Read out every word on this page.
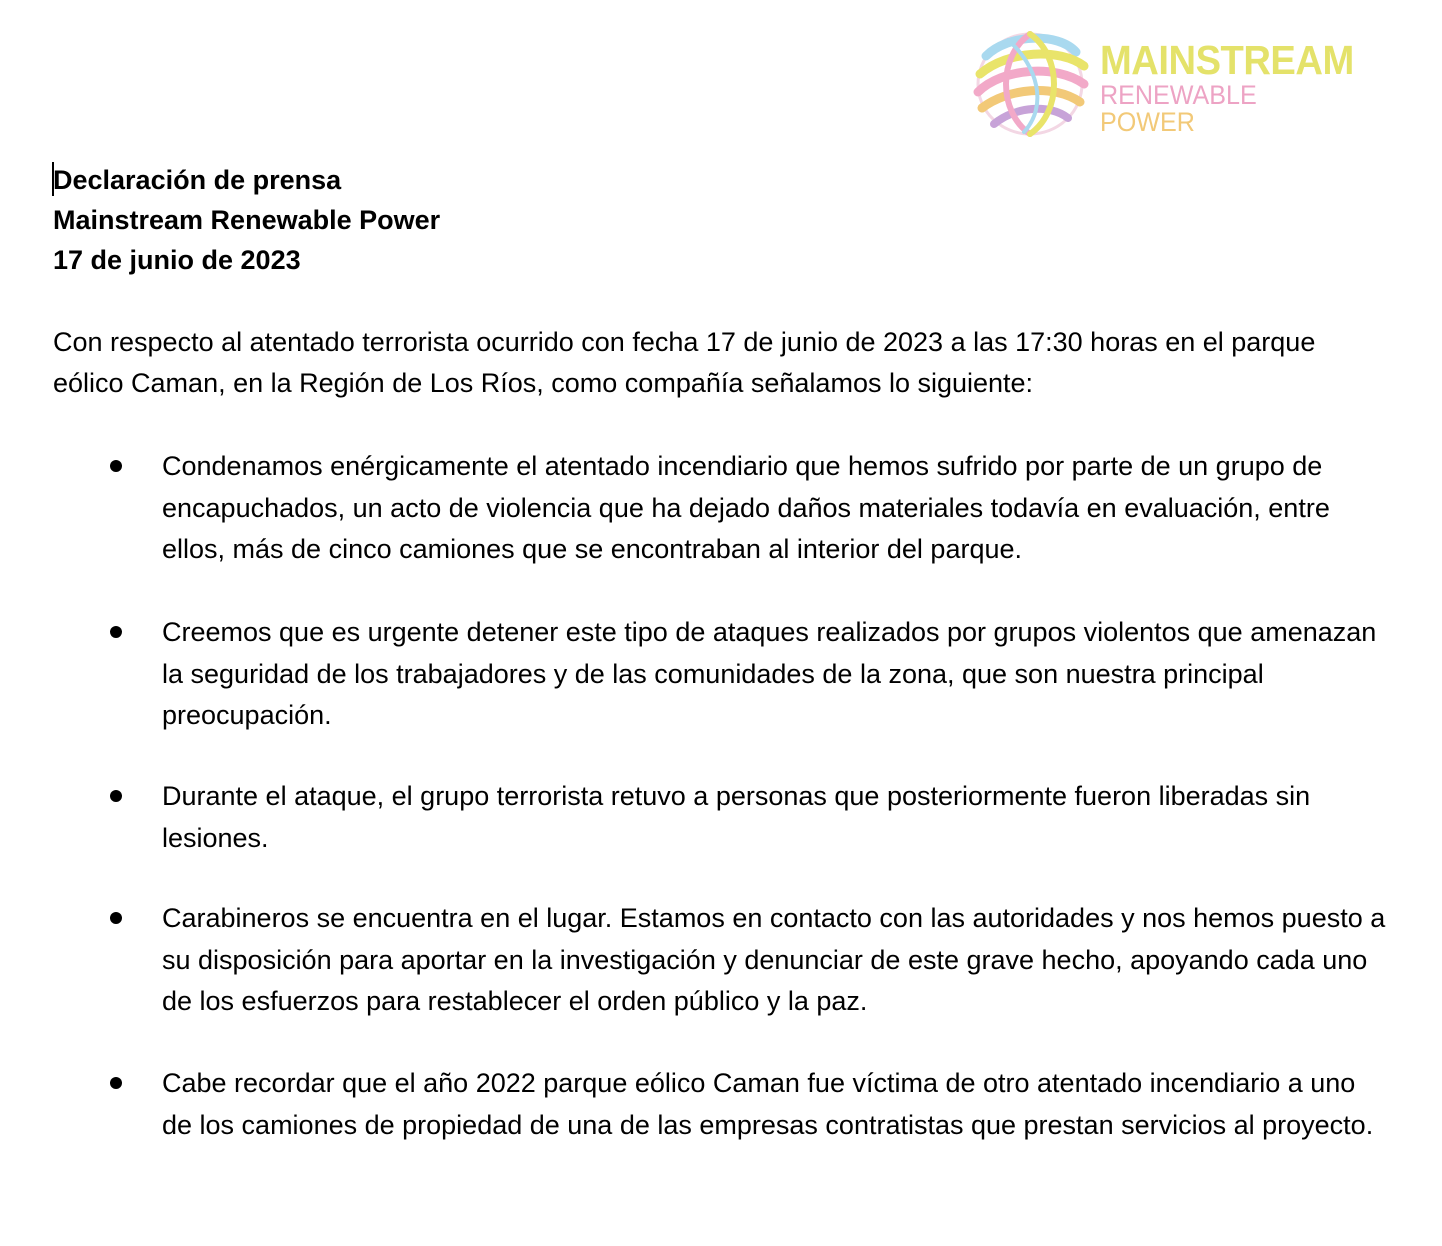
MAINSTREAM
RENEWABLE
POWER
Declaración de prensa
Mainstream Renewable Power
17 de junio de 2023

Con respecto al atentado terrorista ocurrido con fecha 17 de junio de 2023 a las 17:30 horas en el parque eólico Caman, en la Región de Los Ríos, como compañía señalamos lo siguiente:

Condenamos enérgicamente el atentado incendiario que hemos sufrido por parte de un grupo de encapuchados, un acto de violencia que ha dejado daños materiales todavía en evaluación, entre ellos, más de cinco camiones que se encontraban al interior del parque.
Creemos que es urgente detener este tipo de ataques realizados por grupos violentos que amenazan la seguridad de los trabajadores y de las comunidades de la zona, que son nuestra principal preocupación.
Durante el ataque, el grupo terrorista retuvo a personas que posteriormente fueron liberadas sin lesiones.
Carabineros se encuentra en el lugar. Estamos en contacto con las autoridades y nos hemos puesto a su disposición para aportar en la investigación y denunciar de este grave hecho, apoyando cada uno de los esfuerzos para restablecer el orden público y la paz.
Cabe recordar que el año 2022 parque eólico Caman fue víctima de otro atentado incendiario a uno de los camiones de propiedad de una de las empresas contratistas que prestan servicios al proyecto.
